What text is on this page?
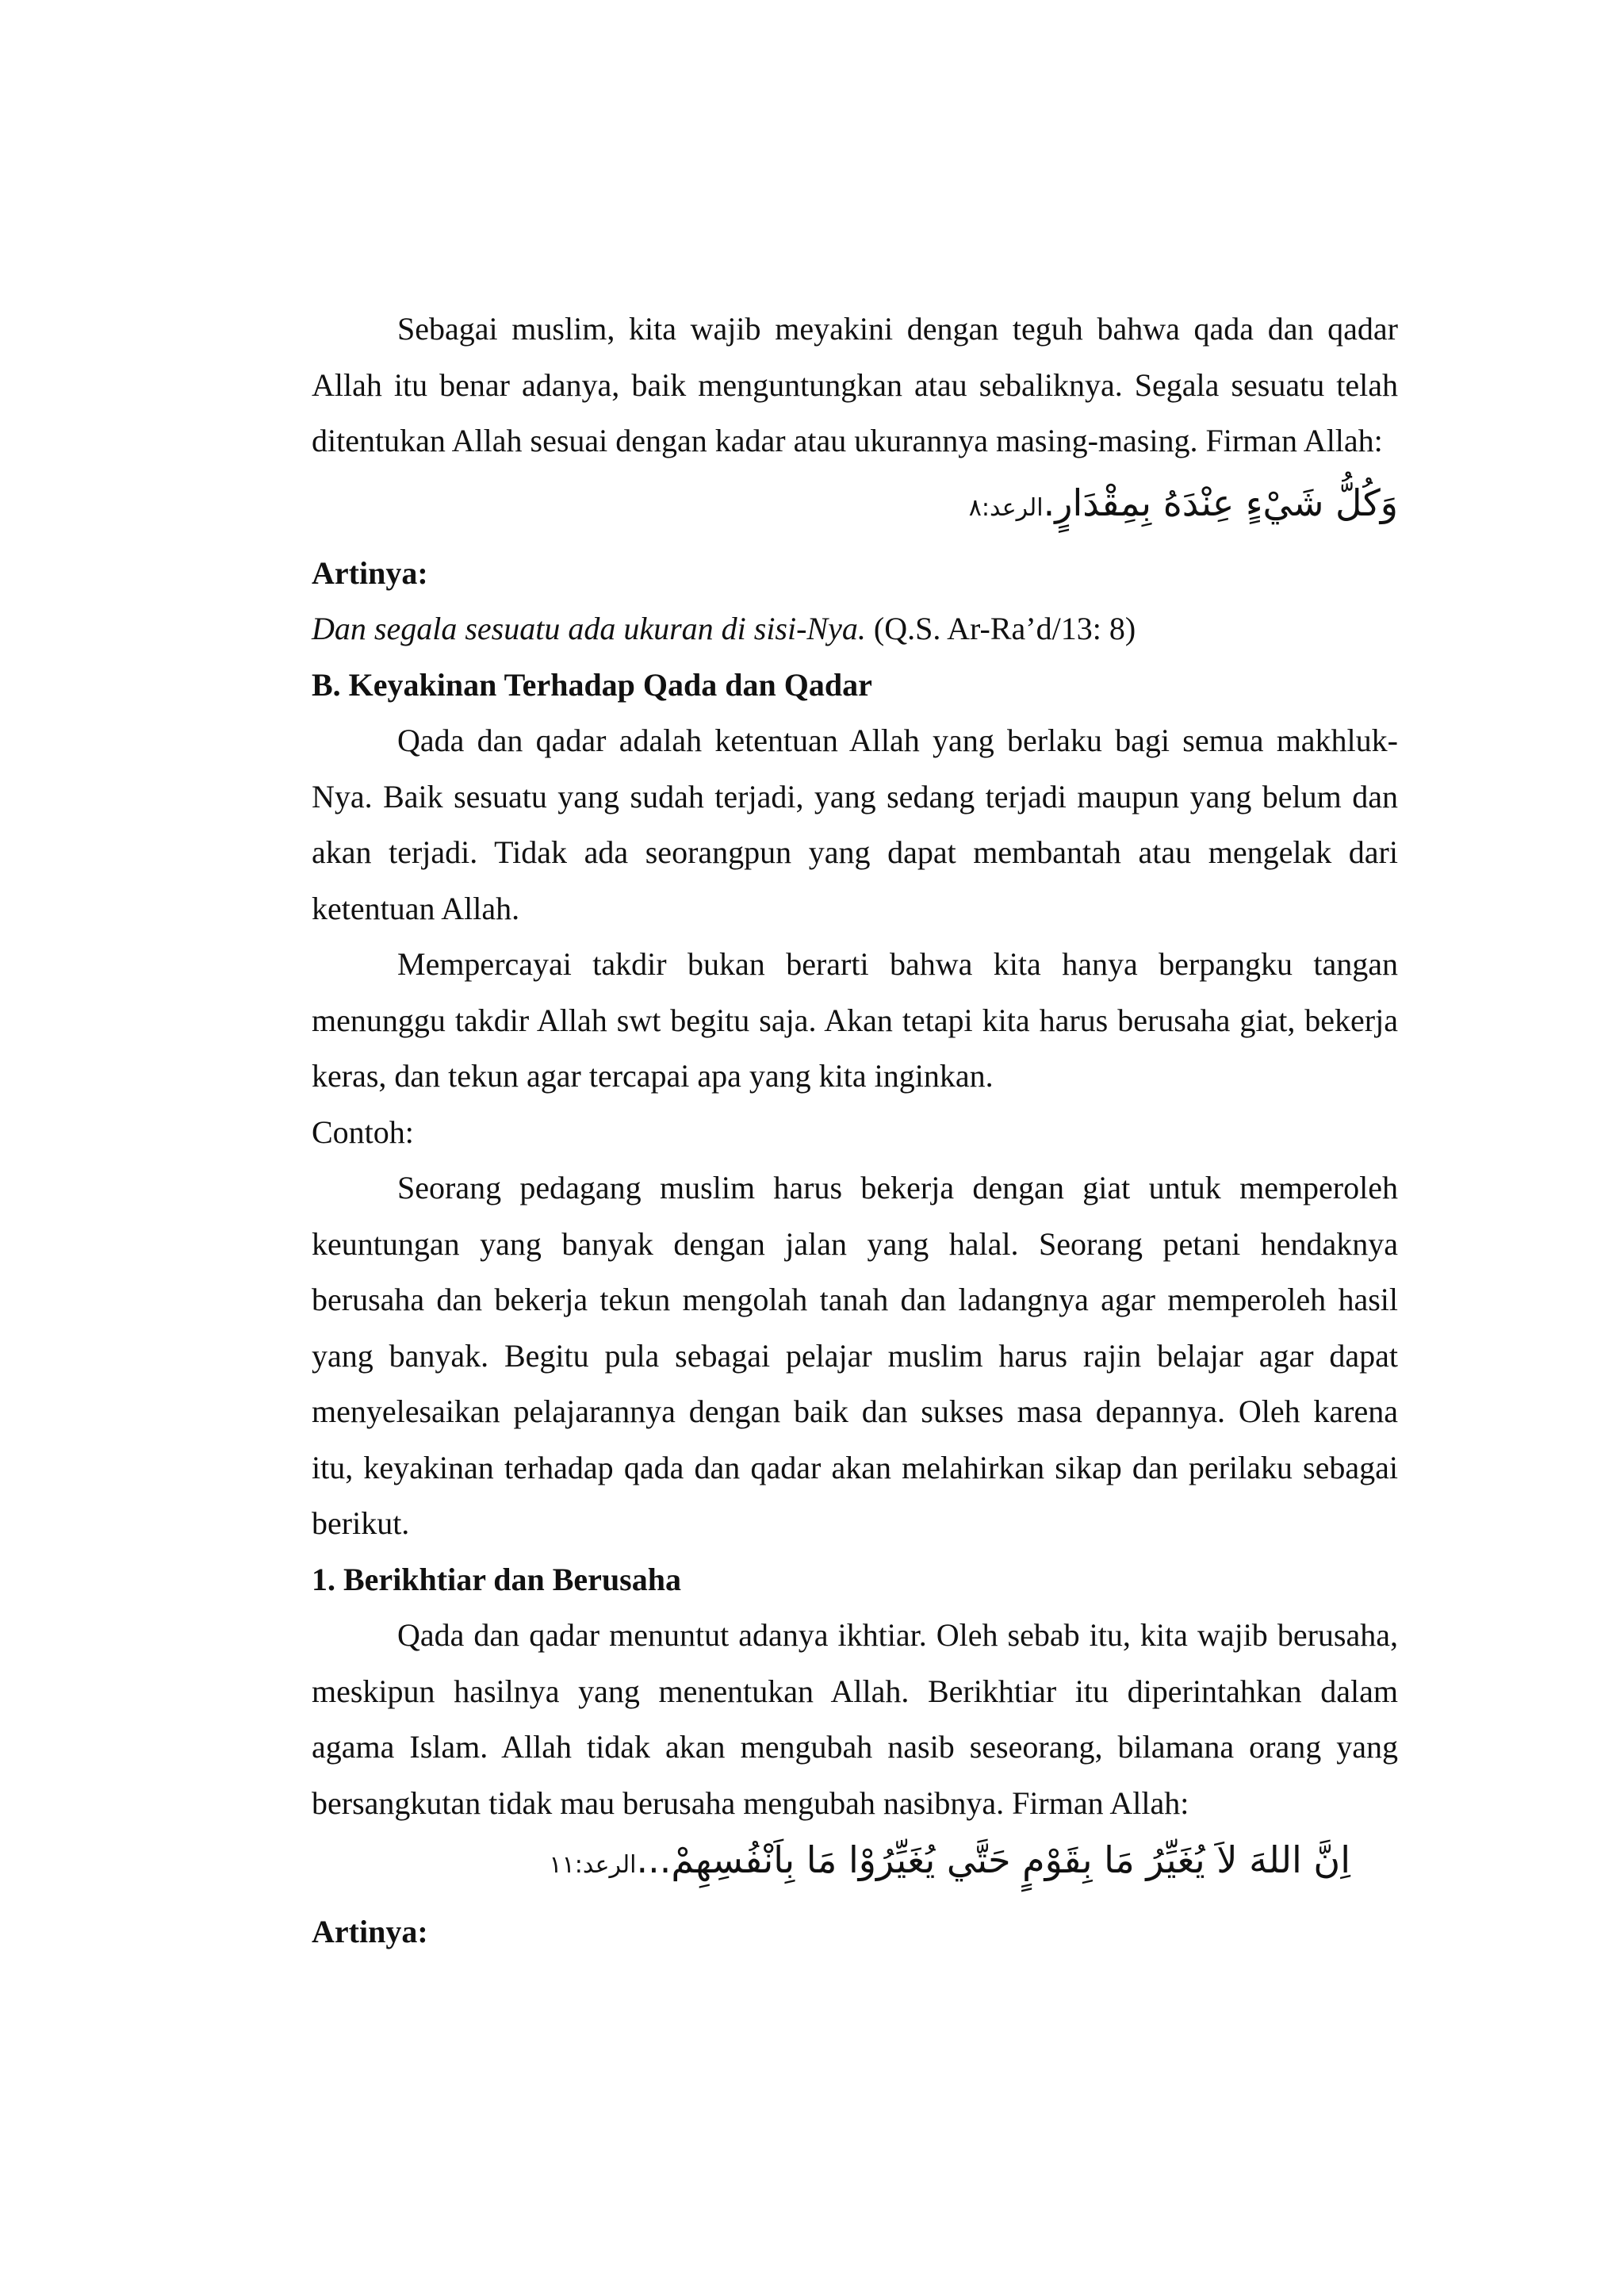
Sebagai muslim, kita wajib meyakini dengan teguh bahwa qada dan qadar Allah itu benar adanya, baik menguntungkan atau sebaliknya. Segala sesuatu telah ditentukan Allah sesuai dengan kadar atau ukurannya masing-masing. Firman Allah:

وَكُلُّ شَيْءٍ عِنْدَهُ بِمِقْدَارٍ.الرعد:٨

Artinya:

Dan segala sesuatu ada ukuran di sisi-Nya. (Q.S. Ar-Ra’d/13: 8)

B. Keyakinan Terhadap Qada dan Qadar

Qada dan qadar adalah ketentuan Allah yang berlaku bagi semua makhluk-Nya. Baik sesuatu yang sudah terjadi, yang sedang terjadi maupun yang belum dan akan terjadi. Tidak ada seorangpun yang dapat membantah atau mengelak dari ketentuan Allah.

Mempercayai takdir bukan berarti bahwa kita hanya berpangku tangan menunggu takdir Allah swt begitu saja. Akan tetapi kita harus berusaha giat, bekerja keras, dan tekun agar tercapai apa yang kita inginkan.

Contoh:

Seorang pedagang muslim harus bekerja dengan giat untuk memperoleh keuntungan yang banyak dengan jalan yang halal. Seorang petani hendaknya berusaha dan bekerja tekun mengolah tanah dan ladangnya agar memperoleh hasil yang banyak. Begitu pula sebagai pelajar muslim harus rajin belajar agar dapat menyelesaikan pelajarannya dengan baik dan sukses masa depannya. Oleh karena itu, keyakinan terhadap qada dan qadar akan melahirkan sikap dan perilaku sebagai berikut.

1. Berikhtiar dan Berusaha

Qada dan qadar menuntut adanya ikhtiar. Oleh sebab itu, kita wajib berusaha, meskipun hasilnya yang menentukan Allah. Berikhtiar itu diperintahkan dalam agama Islam. Allah tidak akan mengubah nasib seseorang, bilamana orang yang bersangkutan tidak mau berusaha mengubah nasibnya. Firman Allah:

اِنَّ اللهَ لاَ يُغَيِّرُ مَا بِقَوْمٍ حَتَّي يُغَيِّرُوْا مَا بِاَنْفُسِهِمْ...الرعد:١١

Artinya:
